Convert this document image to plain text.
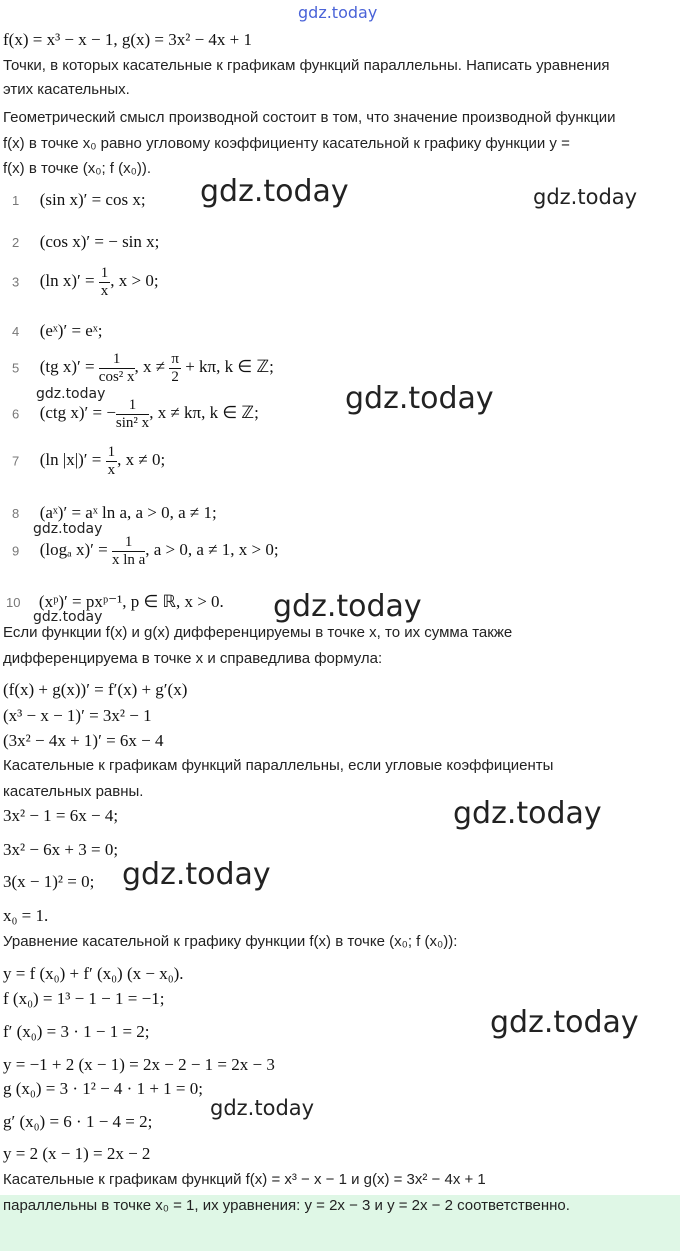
gdz.today
gdz.today	gdz.today
gdz.today	gdz.today
gdz.today
gdz.today
gdz.today
gdz.today
gdz.today
gdz.today
gdz.today
f(x) = x³ − x − 1, g(x) = 3x² − 4x + 1
Точки, в которых касательные к графикам функций параллельны. Написать уравнения
этих касательных.
Геометрический смысл производной состоит в том, что значение производной функции
f(x) в точке x₀ равно угловому коэффициенту касательной к графику функции y =
f(x) в точке (x₀; f (x₀)).
1 (sin x)′ = cos x;
2 (cos x)′ = − sin x;
3 (ln $x)' = \frac{1}{x}$ , x > 0;
4 (eˣ)′ = eˣ;
5 (tg $x)' = \frac{1}{\text{cos² x}}$ , $x \ne \frac{\pi}{2} + k\pi$, k ∈ ℤ;
6 (ctg x)′ = − $\frac{1}{\text{sin² x}}$ , x ≠ kπ, k ∈ ℤ;
7 (ln $|x|)' = \frac{1}{x}$ , x ≠ 0;
8 (aˣ)′ = aˣ ln a, a > 0, a ≠ 1;
9 (logₐ $x)' = \frac{1}{\text{x ln a}}$ , a > 0, a ≠ 1, x > 0;
10 (xᵖ)′ = pxᵖ⁻¹, p ∈ ℝ, x > 0.
Если функции f(x) и g(x) дифференцируемы в точке x, то их сумма также
дифференцируема в точке x и справедлива формула:
(f(x) + g(x))′ = f′(x) + g′(x)
(x³ − x − 1)′ = 3x² − 1
(3x² − 4x + 1)′ = 6x − 4
Касательные к графикам функций параллельны, если угловые коэффициенты
касательных равны.
3x² − 1 = 6x − 4;
3x² − 6x + 3 = 0;
3(x − 1)² = 0;
x₀ = 1.
Уравнение касательной к графику функции f(x) в точке (x₀; f (x₀)):
y = f (x₀) + f′ (x₀) (x − x₀).
f (x₀) = 1³ − 1 − 1 = −1;
f′ (x₀) = 3 · 1 − 1 = 2;
y = −1 + 2 (x − 1) = 2x − 2 − 1 = 2x − 3
g (x₀) = 3 · 1² − 4 · 1 + 1 = 0;
g′ (x₀) = 6 · 1 − 4 = 2;
y = 2 (x − 1) = 2x − 2
Касательные к графикам функций f(x) = x³ − x − 1 и g(x) = 3x² − 4x + 1
параллельны в точке x₀ = 1, их уравнения: y = 2x − 3 и y = 2x − 2 соответственно.
